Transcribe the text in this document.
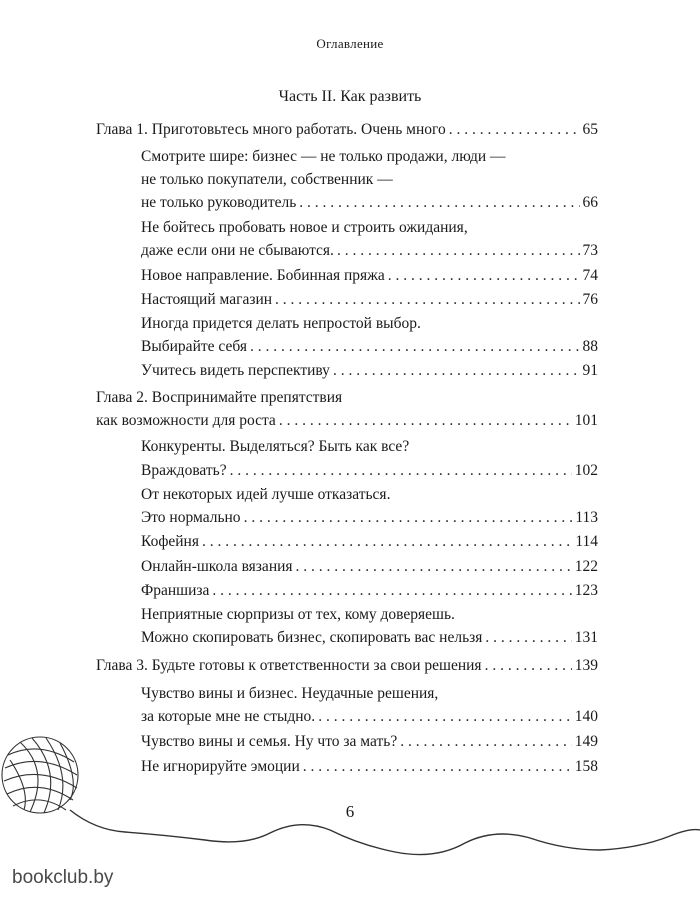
Оглавление
Часть II. Как развить
Глава 1. Приготовьтесь много работать. Очень много . . .	65
Смотрите шире: бизнес — не только продажи, люди —
не только покупатели, собственник —
не только руководитель . . .	66
Не бойтесь пробовать новое и строить ожидания,
даже если они не сбываются. . . .	73
Новое направление. Бобинная пряжа . . .	74
Настоящий магазин . . .	76
Иногда придется делать непростой выбор.
Выбирайте себя . . .	88
Учитесь видеть перспективу . . .	91
Глава 2. Воспринимайте препятствия
как возможности для роста . . .	101
Конкуренты. Выделяться? Быть как все?
Враждовать? . . .	102
От некоторых идей лучше отказаться.
Это нормально . . .	113
Кофейня . . .	114
Онлайн-школа вязания . . .	122
Франшиза . . .	123
Неприятные сюрпризы от тех, кому доверяешь.
Можно скопировать бизнес, скопировать вас нельзя . . .	131
Глава 3. Будьте готовы к ответственности за свои решения . . .	139
Чувство вины и бизнес. Неудачные решения,
за которые мне не стыдно. . . .	140
Чувство вины и семья. Ну что за мать? . . .	149
Не игнорируйте эмоции . . .	158
6
bookclub.by
